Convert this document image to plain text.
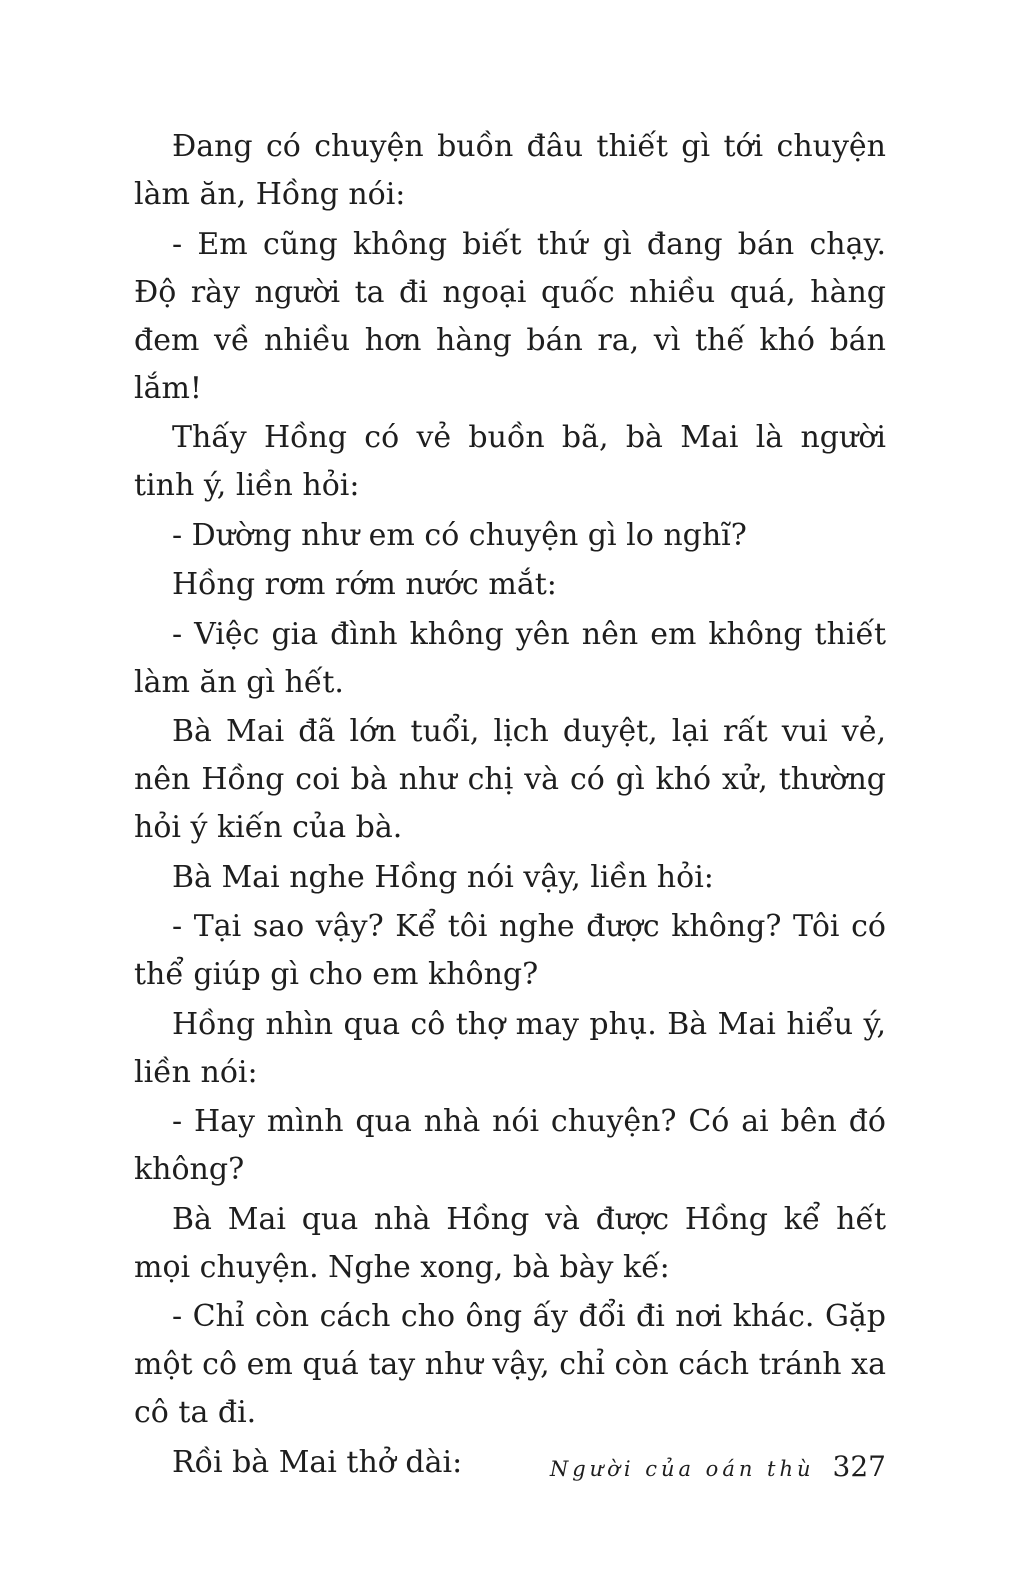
Đang có chuyện buồn đâu thiết gì tới chuyện làm ăn, Hồng nói:

- Em cũng không biết thứ gì đang bán chạy. Độ rày người ta đi ngoại quốc nhiều quá, hàng đem về nhiều hơn hàng bán ra, vì thế khó bán lắm!

Thấy Hồng có vẻ buồn bã, bà Mai là người tinh ý, liền hỏi:

- Dường như em có chuyện gì lo nghĩ?

Hồng rơm rớm nước mắt:

- Việc gia đình không yên nên em không thiết làm ăn gì hết.

Bà Mai đã lớn tuổi, lịch duyệt, lại rất vui vẻ, nên Hồng coi bà như chị và có gì khó xử, thường hỏi ý kiến của bà.

Bà Mai nghe Hồng nói vậy, liền hỏi:

- Tại sao vậy? Kể tôi nghe được không? Tôi có thể giúp gì cho em không?

Hồng nhìn qua cô thợ may phụ. Bà Mai hiểu ý, liền nói:

- Hay mình qua nhà nói chuyện? Có ai bên đó không?

Bà Mai qua nhà Hồng và được Hồng kể hết mọi chuyện. Nghe xong, bà bày kế:

- Chỉ còn cách cho ông ấy đổi đi nơi khác. Gặp một cô em quá tay như vậy, chỉ còn cách tránh xa cô ta đi.

Rồi bà Mai thở dài:	Người của oán thù 327
